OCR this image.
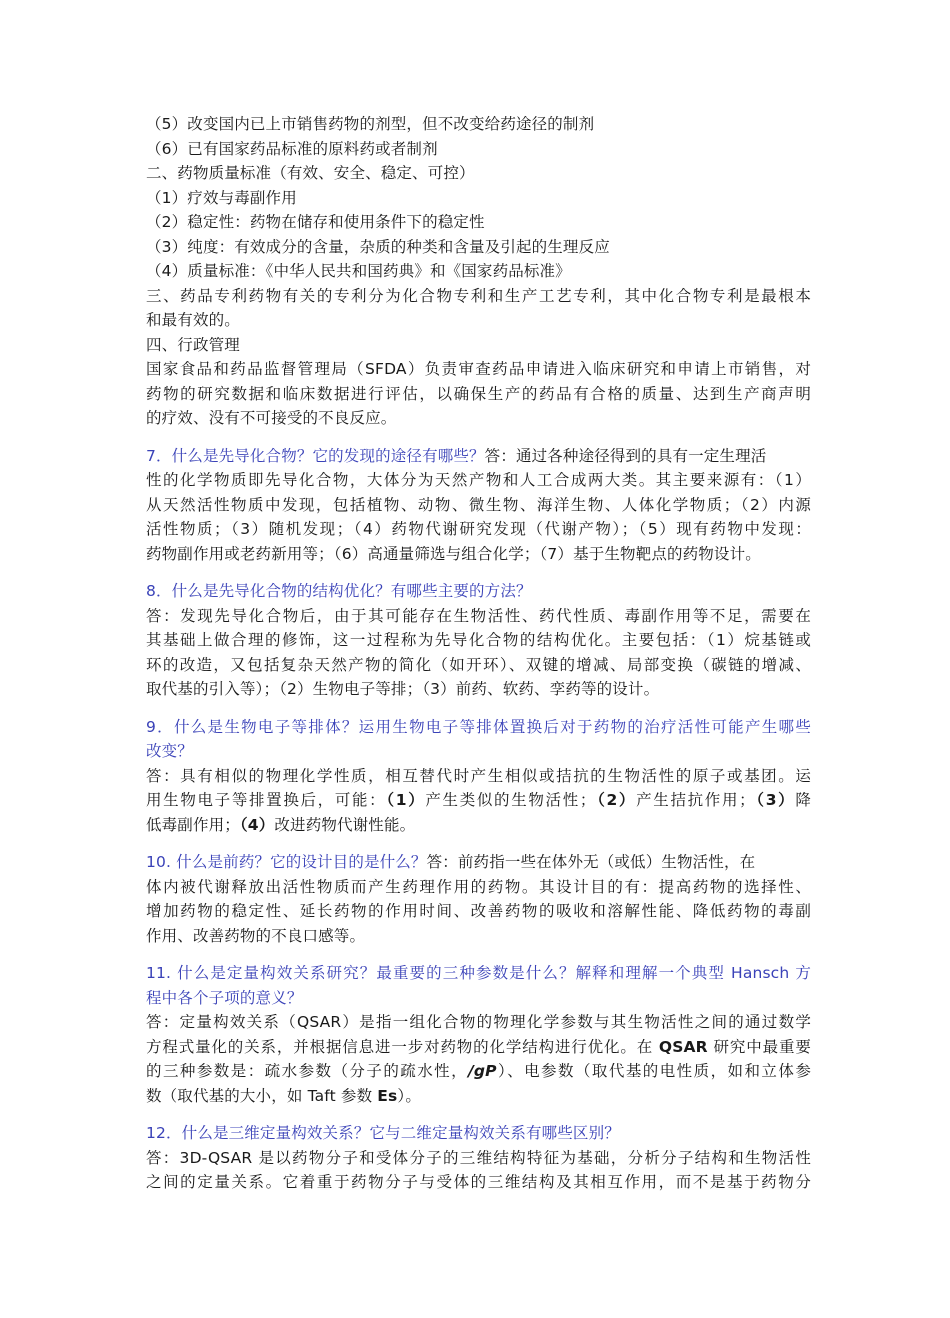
（5）改变国内已上市销售药物的剂型，但不改变给药途径的制剂
（6）已有国家药品标准的原料药或者制剂
二、药物质量标准（有效、安全、稳定、可控）
（1）疗效与毒副作用
（2）稳定性：药物在储存和使用条件下的稳定性
（3）纯度：有效成分的含量，杂质的种类和含量及引起的生理反应
（4）质量标准：《中华人民共和国药典》和《国家药品标准》
三、药品专利药物有关的专利分为化合物专利和生产工艺专利，其中化合物专利是最根本
和最有效的。
四、行政管理
国家食品和药品监督管理局（SFDA）负责审查药品申请进入临床研究和申请上市销售，对
药物的研究数据和临床数据进行评估，以确保生产的药品有合格的质量、达到生产商声明
的疗效、没有不可接受的不良反应。
7．什么是先导化合物？它的发现的途径有哪些？答：通过各种途径得到的具有一定生理活
性的化学物质即先导化合物，大体分为天然产物和人工合成两大类。其主要来源有：（1）
从天然活性物质中发现，包括植物、动物、微生物、海洋生物、人体化学物质；（2）内源
活性物质；（3）随机发现；（4）药物代谢研究发现（代谢产物）；（5）现有药物中发现：
药物副作用或老药新用等；（6）高通量筛选与组合化学；（7）基于生物靶点的药物设计。
8．什么是先导化合物的结构优化？有哪些主要的方法？
答：发现先导化合物后，由于其可能存在生物活性、药代性质、毒副作用等不足，需要在
其基础上做合理的修饰，这一过程称为先导化合物的结构优化。主要包括：（1）烷基链或
环的改造，又包括复杂天然产物的简化（如开环）、双键的增减、局部变换（碳链的增减、
取代基的引入等）；（2）生物电子等排；（3）前药、软药、孪药等的设计。
9．什么是生物电子等排体？运用生物电子等排体置换后对于药物的治疗活性可能产生哪些
改变？
答：具有相似的物理化学性质，相互替代时产生相似或拮抗的生物活性的原子或基团。运
用生物电子等排置换后，可能：（1）产生类似的生物活性；（2）产生拮抗作用；（3）降
低毒副作用；（4）改进药物代谢性能。
10. 什么是前药？它的设计目的是什么？答：前药指一些在体外无（或低）生物活性，在
体内被代谢释放出活性物质而产生药理作用的药物。其设计目的有：提高药物的选择性、
增加药物的稳定性、延长药物的作用时间、改善药物的吸收和溶解性能、降低药物的毒副
作用、改善药物的不良口感等。
11. 什么是定量构效关系研究？最重要的三种参数是什么？解释和理解一个典型 Hansch 方
程中各个子项的意义？
答：定量构效关系（QSAR）是指一组化合物的物理化学参数与其生物活性之间的通过数学
方程式量化的关系，并根据信息进一步对药物的化学结构进行优化。在 QSAR 研究中最重要
的三种参数是：疏水参数（分子的疏水性，/gP）、电参数（取代基的电性质，如和立体参
数（取代基的大小，如 Taft 参数 Es）。
12．什么是三维定量构效关系？它与二维定量构效关系有哪些区别？
答：3D-QSAR 是以药物分子和受体分子的三维结构特征为基础，分析分子结构和生物活性
之间的定量关系。它着重于药物分子与受体的三维结构及其相互作用，而不是基于药物分
